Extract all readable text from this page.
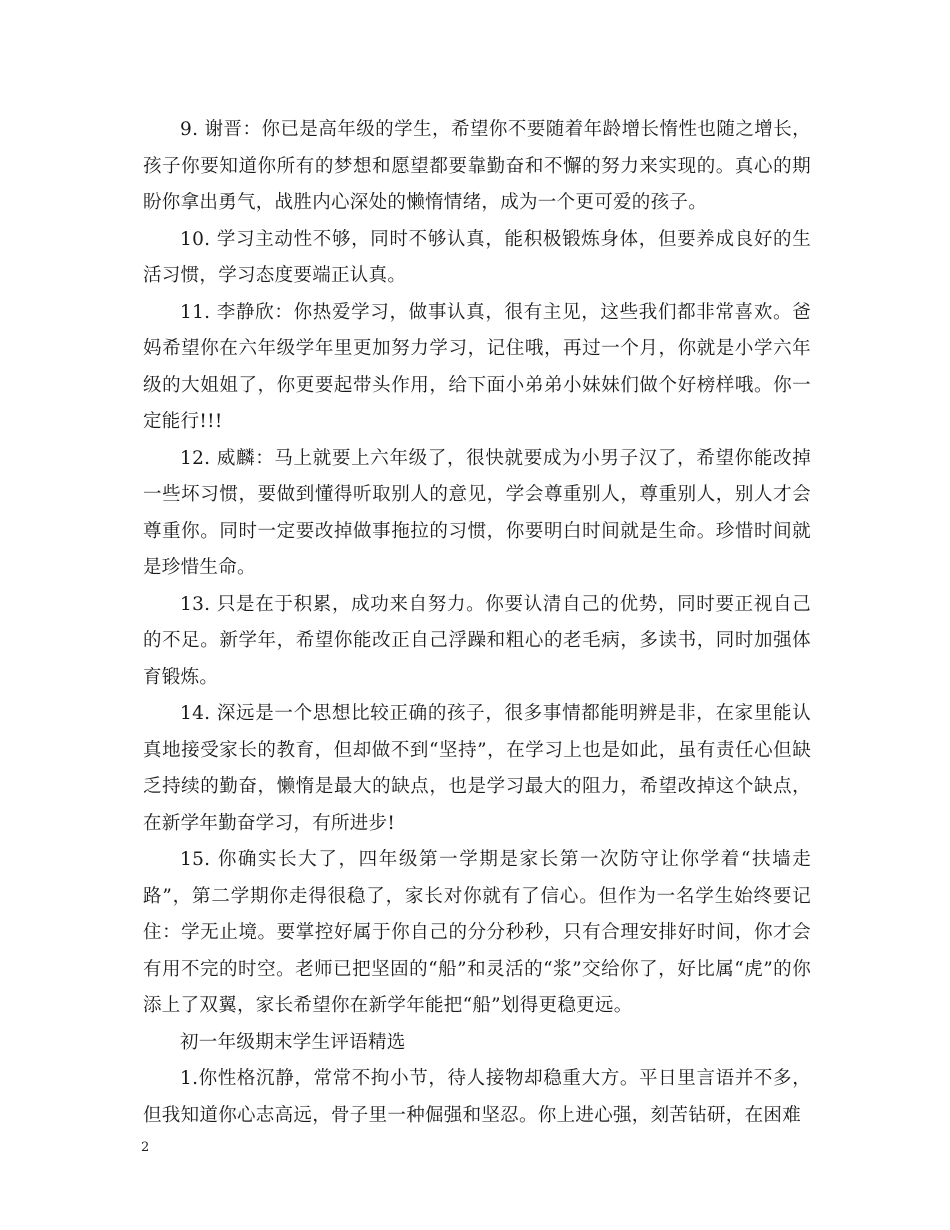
9. 谢晋：你已是高年级的学生，希望你不要随着年龄增长惰性也随之增长，孩子你要知道你所有的梦想和愿望都要靠勤奋和不懈的努力来实现的。真心的期盼你拿出勇气，战胜内心深处的懒惰情绪，成为一个更可爱的孩子。

10. 学习主动性不够，同时不够认真，能积极锻炼身体，但要养成良好的生活习惯，学习态度要端正认真。

11. 李静欣：你热爱学习，做事认真，很有主见，这些我们都非常喜欢。爸妈希望你在六年级学年里更加努力学习，记住哦，再过一个月，你就是小学六年级的大姐姐了，你更要起带头作用，给下面小弟弟小妹妹们做个好榜样哦。你一定能行!!!

12. 威麟：马上就要上六年级了，很快就要成为小男子汉了，希望你能改掉一些坏习惯，要做到懂得听取别人的意见，学会尊重别人，尊重别人，别人才会尊重你。同时一定要改掉做事拖拉的习惯，你要明白时间就是生命。珍惜时间就是珍惜生命。

13. 只是在于积累，成功来自努力。你要认清自己的优势，同时要正视自己的不足。新学年，希望你能改正自己浮躁和粗心的老毛病，多读书，同时加强体育锻炼。

14. 深远是一个思想比较正确的孩子，很多事情都能明辨是非，在家里能认真地接受家长的教育，但却做不到“坚持”，在学习上也是如此，虽有责任心但缺乏持续的勤奋，懒惰是最大的缺点，也是学习最大的阻力，希望改掉这个缺点，在新学年勤奋学习，有所进步!

15. 你确实长大了，四年级第一学期是家长第一次防守让你学着“扶墙走路”，第二学期你走得很稳了，家长对你就有了信心。但作为一名学生始终要记住：学无止境。要掌控好属于你自己的分分秒秒，只有合理安排好时间，你才会有用不完的时空。老师已把坚固的“船”和灵活的“浆”交给你了，好比属“虎”的你添上了双翼，家长希望你在新学年能把“船”划得更稳更远。

初一年级期末学生评语精选

1.你性格沉静，常常不拘小节，待人接物却稳重大方。平日里言语并不多，但我知道你心志高远，骨子里一种倔强和坚忍。你上进心强，刻苦钻研，在困难

2
